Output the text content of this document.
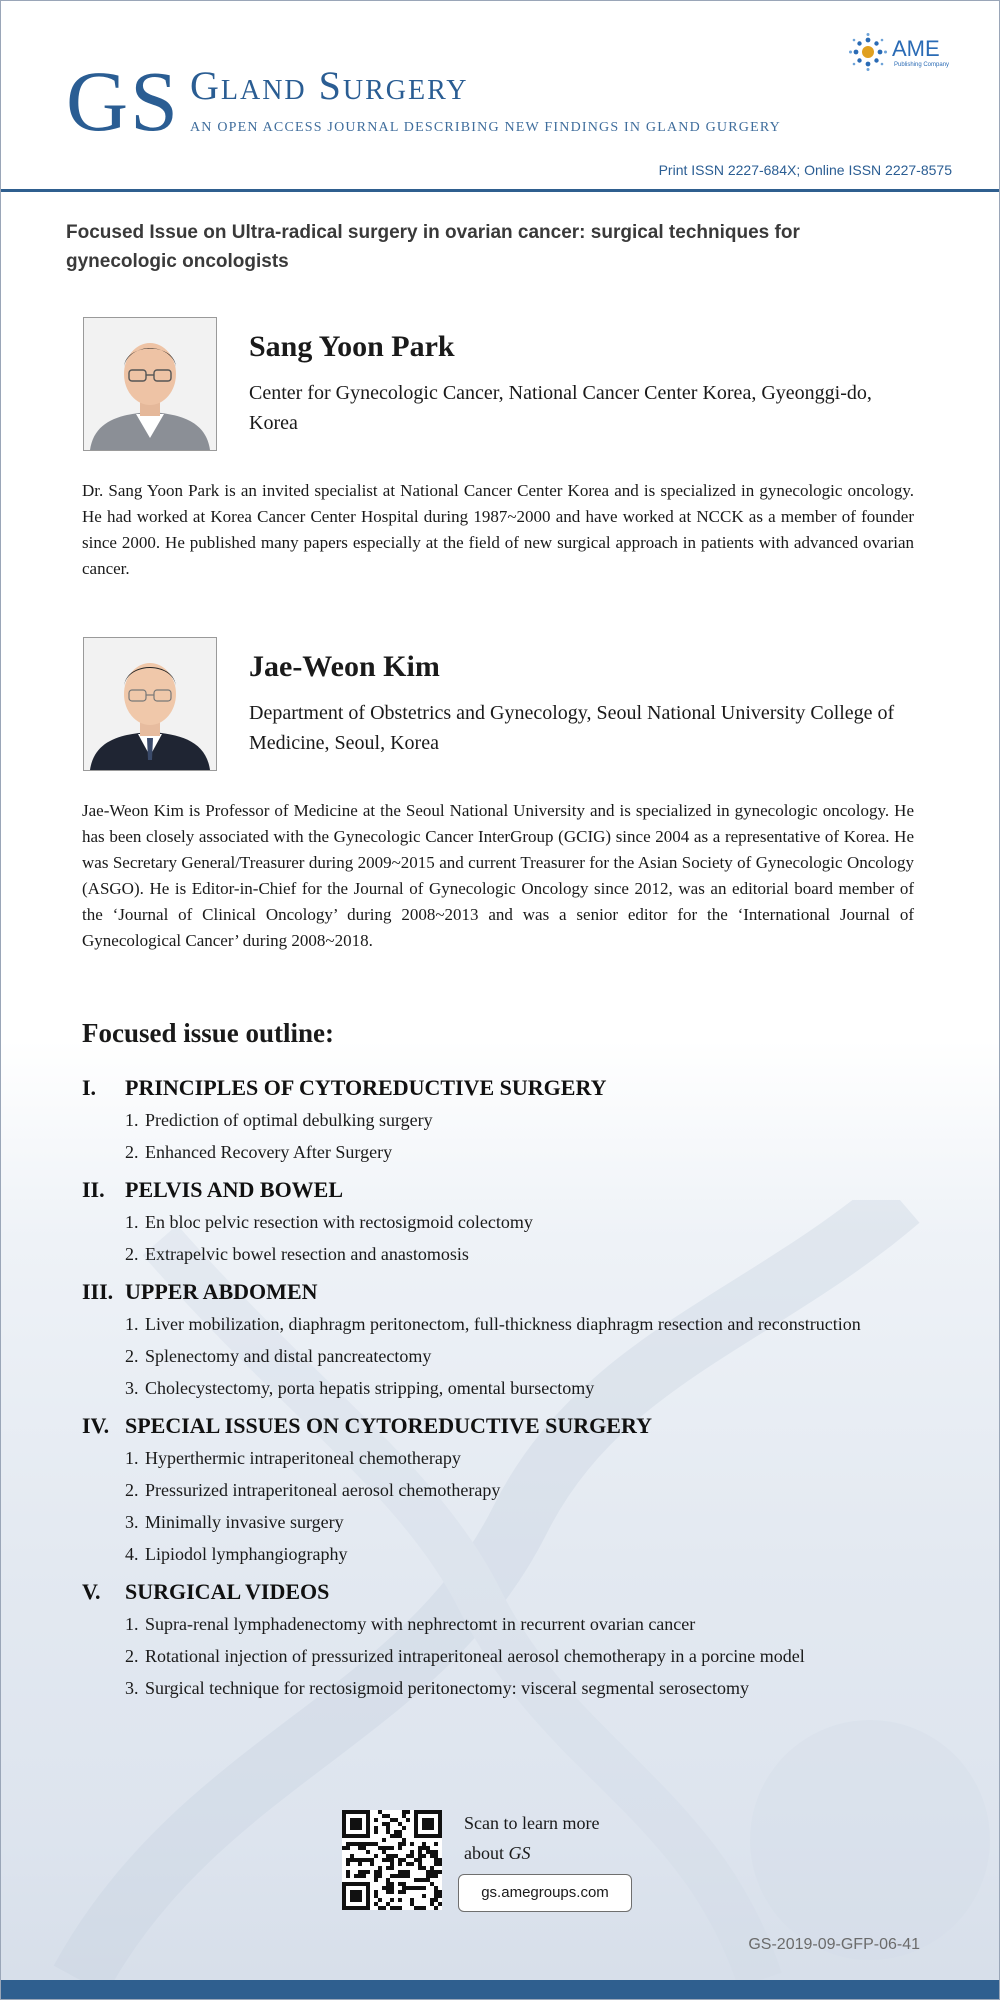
GS Gland Surgery
AN OPEN ACCESS JOURNAL DESCRIBING NEW FINDINGS IN GLAND GURGERY
Print ISSN 2227-684X; Online ISSN 2227-8575
AME
Publishing Company
Focused Issue on Ultra-radical surgery in ovarian cancer: surgical techniques for gynecologic oncologists
Sang Yoon Park
Center for Gynecologic Cancer, National Cancer Center Korea, Gyeonggi-do, Korea
Dr. Sang Yoon Park is an invited specialist at National Cancer Center Korea and is specialized in gynecologic oncology. He had worked at Korea Cancer Center Hospital during 1987~2000 and have worked at NCCK as a member of founder since 2000. He published many papers especially at the field of new surgical approach in patients with advanced ovarian cancer.
Jae-Weon Kim
Department of Obstetrics and Gynecology, Seoul National University College of Medicine, Seoul, Korea
Jae-Weon Kim is Professor of Medicine at the Seoul National University and is specialized in gynecologic oncology. He has been closely associated with the Gynecologic Cancer InterGroup (GCIG) since 2004 as a representative of Korea. He was Secretary General/Treasurer during 2009~2015 and current Treasurer for the Asian Society of Gynecologic Oncology (ASGO). He is Editor-in-Chief for the Journal of Gynecologic Oncology since 2012, was an editorial board member of the ‘Journal of Clinical Oncology’ during 2008~2013 and was a senior editor for the ‘International Journal of Gynecological Cancer’ during 2008~2018.
Focused issue outline:
I.	PRINCIPLES OF CYTOREDUCTIVE SURGERY
1. Prediction of optimal debulking surgery
2. Enhanced Recovery After Surgery
II. PELVIS AND BOWEL
1. En bloc pelvic resection with rectosigmoid colectomy
2. Extrapelvic bowel resection and anastomosis
III. UPPER ABDOMEN
1. Liver mobilization, diaphragm peritonectom, full-thickness diaphragm resection and reconstruction
2. Splenectomy and distal pancreatectomy
3. Cholecystectomy, porta hepatis stripping, omental bursectomy
IV. SPECIAL ISSUES ON CYTOREDUCTIVE SURGERY
1. Hyperthermic intraperitoneal chemotherapy
2. Pressurized intraperitoneal aerosol chemotherapy
3. Minimally invasive surgery
4. Lipiodol lymphangiography
V.	SURGICAL VIDEOS
1. Supra-renal lymphadenectomy with nephrectomt in recurrent ovarian cancer
2. Rotational injection of pressurized intraperitoneal aerosol chemotherapy in a porcine model
3. Surgical technique for rectosigmoid peritonectomy: visceral segmental serosectomy
Scan to learn more
about GS
gs.amegroups.com
GS-2019-09-GFP-06-41
